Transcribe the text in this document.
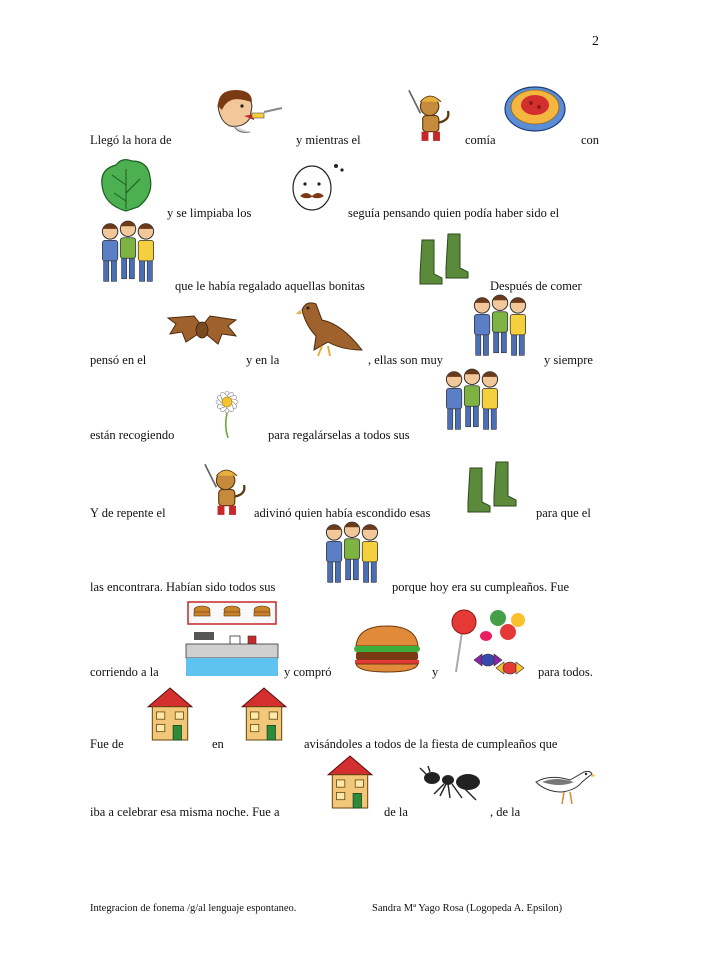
2
Llegó la hora de	y mientras el	comía	con
y se limpiaba los	seguía pensando quien podía haber sido el
que le había regalado aquellas bonitas	Después de comer
pensó en el	y en la	, ellas son muy	y siempre
están recogiendo	para regalárselas a todos sus
Y de repente el	adivinó quien había escondido esas	para que el
las encontrara. Habían sido todos sus	porque hoy era su cumpleaños. Fue
corriendo a la	y compró	y	para todos.
Fue de	en	avisándoles a todos de la fiesta de cumpleaños que
iba a celebrar esa misma noche. Fue a	de la	, de la
Integracion de fonema /g/al lenguaje espontaneo.	Sandra Mª Yago Rosa (Logopeda A. Epsilon)
